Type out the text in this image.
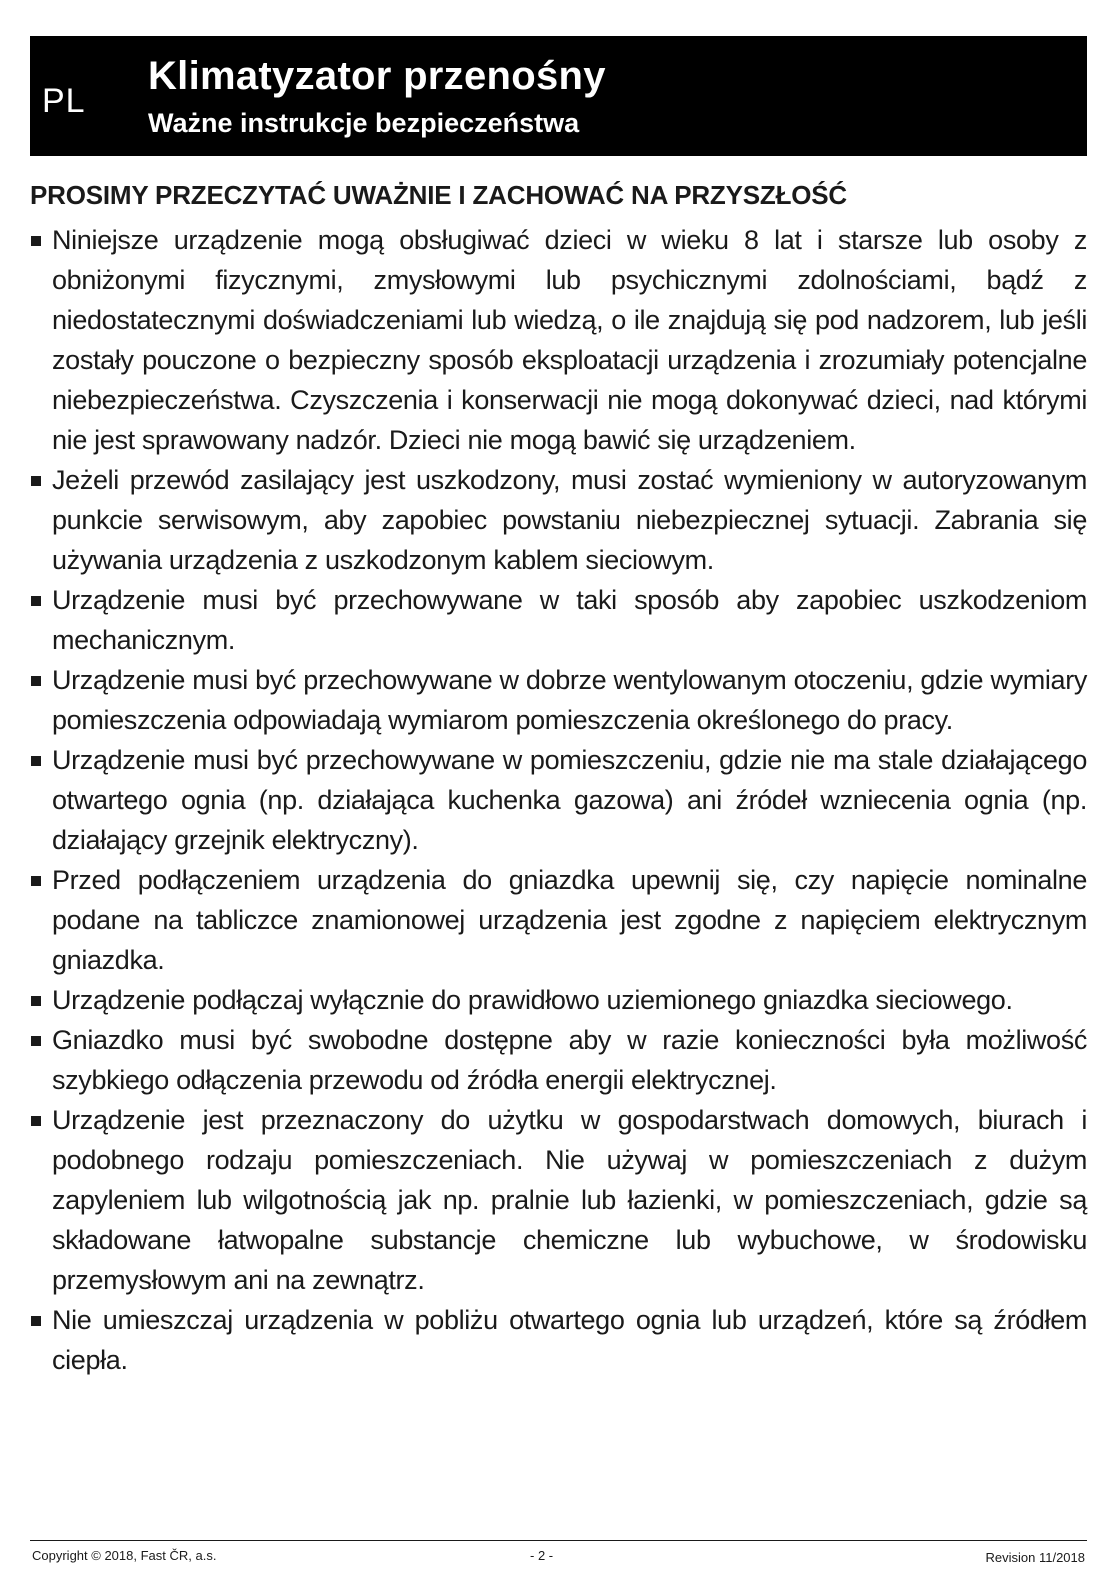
PL
Klimatyzator przenośny
Ważne instrukcje bezpieczeństwa
PROSIMY PRZECZYTAĆ UWAŻNIE I ZACHOWAĆ NA PRZYSZŁOŚĆ
Niniejsze urządzenie mogą obsługiwać dzieci w wieku 8 lat i starsze lub osoby z obniżonymi fizycznymi, zmysłowymi lub psychicznymi zdolnościami, bądź z niedostatecznymi doświadczeniami lub wiedzą, o ile znajdują się pod nadzorem, lub jeśli zostały pouczone o bezpieczny sposób eksploatacji urządzenia i zrozumiały potencjalne niebezpieczeństwa. Czyszczenia i konserwacji nie mogą dokonywać dzieci, nad którymi nie jest sprawowany nadzór. Dzieci nie mogą bawić się urządzeniem.
Jeżeli przewód zasilający jest uszkodzony, musi zostać wymieniony w autoryzowanym punkcie serwisowym, aby zapobiec powstaniu niebezpiecznej sytuacji. Zabrania się używania urządzenia z uszkodzonym kablem sieciowym.
Urządzenie musi być przechowywane w taki sposób aby zapobiec uszkodzeniom mechanicznym.
Urządzenie musi być przechowywane w dobrze wentylowanym otoczeniu, gdzie wymiary pomieszczenia odpowiadają wymiarom pomieszczenia określonego do pracy.
Urządzenie musi być przechowywane w pomieszczeniu, gdzie nie ma stale działającego otwartego ognia (np. działająca kuchenka gazowa) ani źródeł wzniecenia ognia (np. działający grzejnik elektryczny).
Przed podłączeniem urządzenia do gniazdka upewnij się, czy napięcie nominalne podane na tabliczce znamionowej urządzenia jest zgodne z napięciem elektrycznym gniazdka.
Urządzenie podłączaj wyłącznie do prawidłowo uziemionego gniazdka sieciowego.
Gniazdko musi być swobodne dostępne aby w razie konieczności była możliwość szybkiego odłączenia przewodu od źródła energii elektrycznej.
Urządzenie jest przeznaczony do użytku w gospodarstwach domowych, biurach i podobnego rodzaju pomieszczeniach. Nie używaj w pomieszczeniach z dużym zapyleniem lub wilgotnością jak np. pralnie lub łazienki, w pomieszczeniach, gdzie są składowane łatwopalne substancje chemiczne lub wybuchowe, w środowisku przemysłowym ani na zewnątrz.
Nie umieszczaj urządzenia w pobliżu otwartego ognia lub urządzeń, które są źródłem ciepła.
Copyright © 2018, Fast ČR, a.s.	- 2 -	Revision 11/2018
